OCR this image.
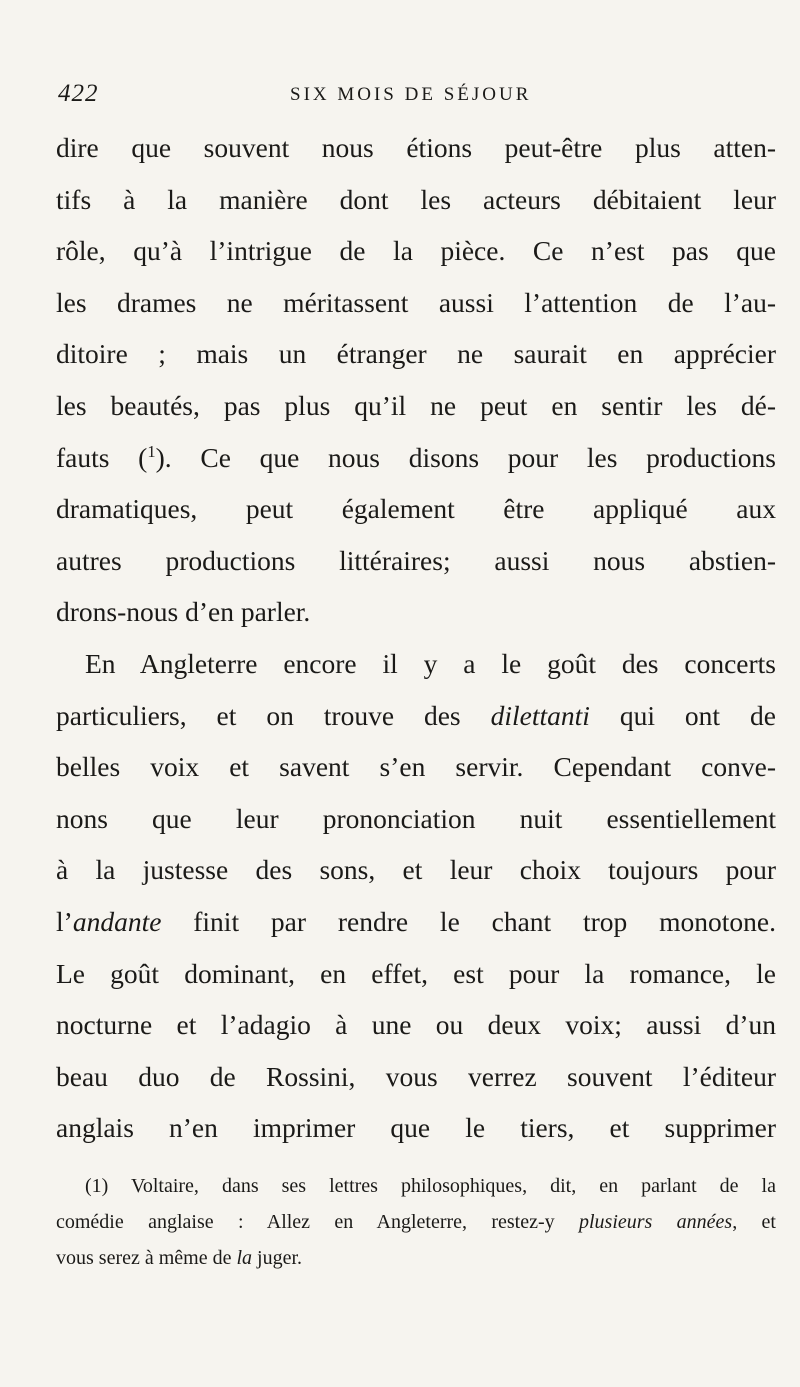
422	SIX MOIS DE SÉJOUR
dire que souvent nous étions peut-être plus atten-
tifs à la manière dont les acteurs débitaient leur
rôle, qu’à l’intrigue de la pièce. Ce n’est pas que
les drames ne méritassent aussi l’attention de l’au-
ditoire ; mais un étranger ne saurait en apprécier
les beautés, pas plus qu’il ne peut en sentir les dé-
fauts ($^1$). Ce que nous disons pour les productions
dramatiques, peut également être appliqué aux
autres productions littéraires; aussi nous abstien-
drons-nous d’en parler.
En Angleterre encore il y a le goût des concerts
particuliers, et on trouve des dilettanti qui ont de
belles voix et savent s’en servir. Cependant conve-
nons que leur prononciation nuit essentiellement
à la justesse des sons, et leur choix toujours pour
l’andante finit par rendre le chant trop monotone.
Le goût dominant, en effet, est pour la romance, le
nocturne et l’adagio à une ou deux voix; aussi d’un
beau duo de Rossini, vous verrez souvent l’éditeur
anglais n’en imprimer que le tiers, et supprimer
(1) Voltaire, dans ses lettres philosophiques, dit, en parlant de la
comédie anglaise : Allez en Angleterre, restez-y plusieurs années, et
vous serez à même de la juger.
